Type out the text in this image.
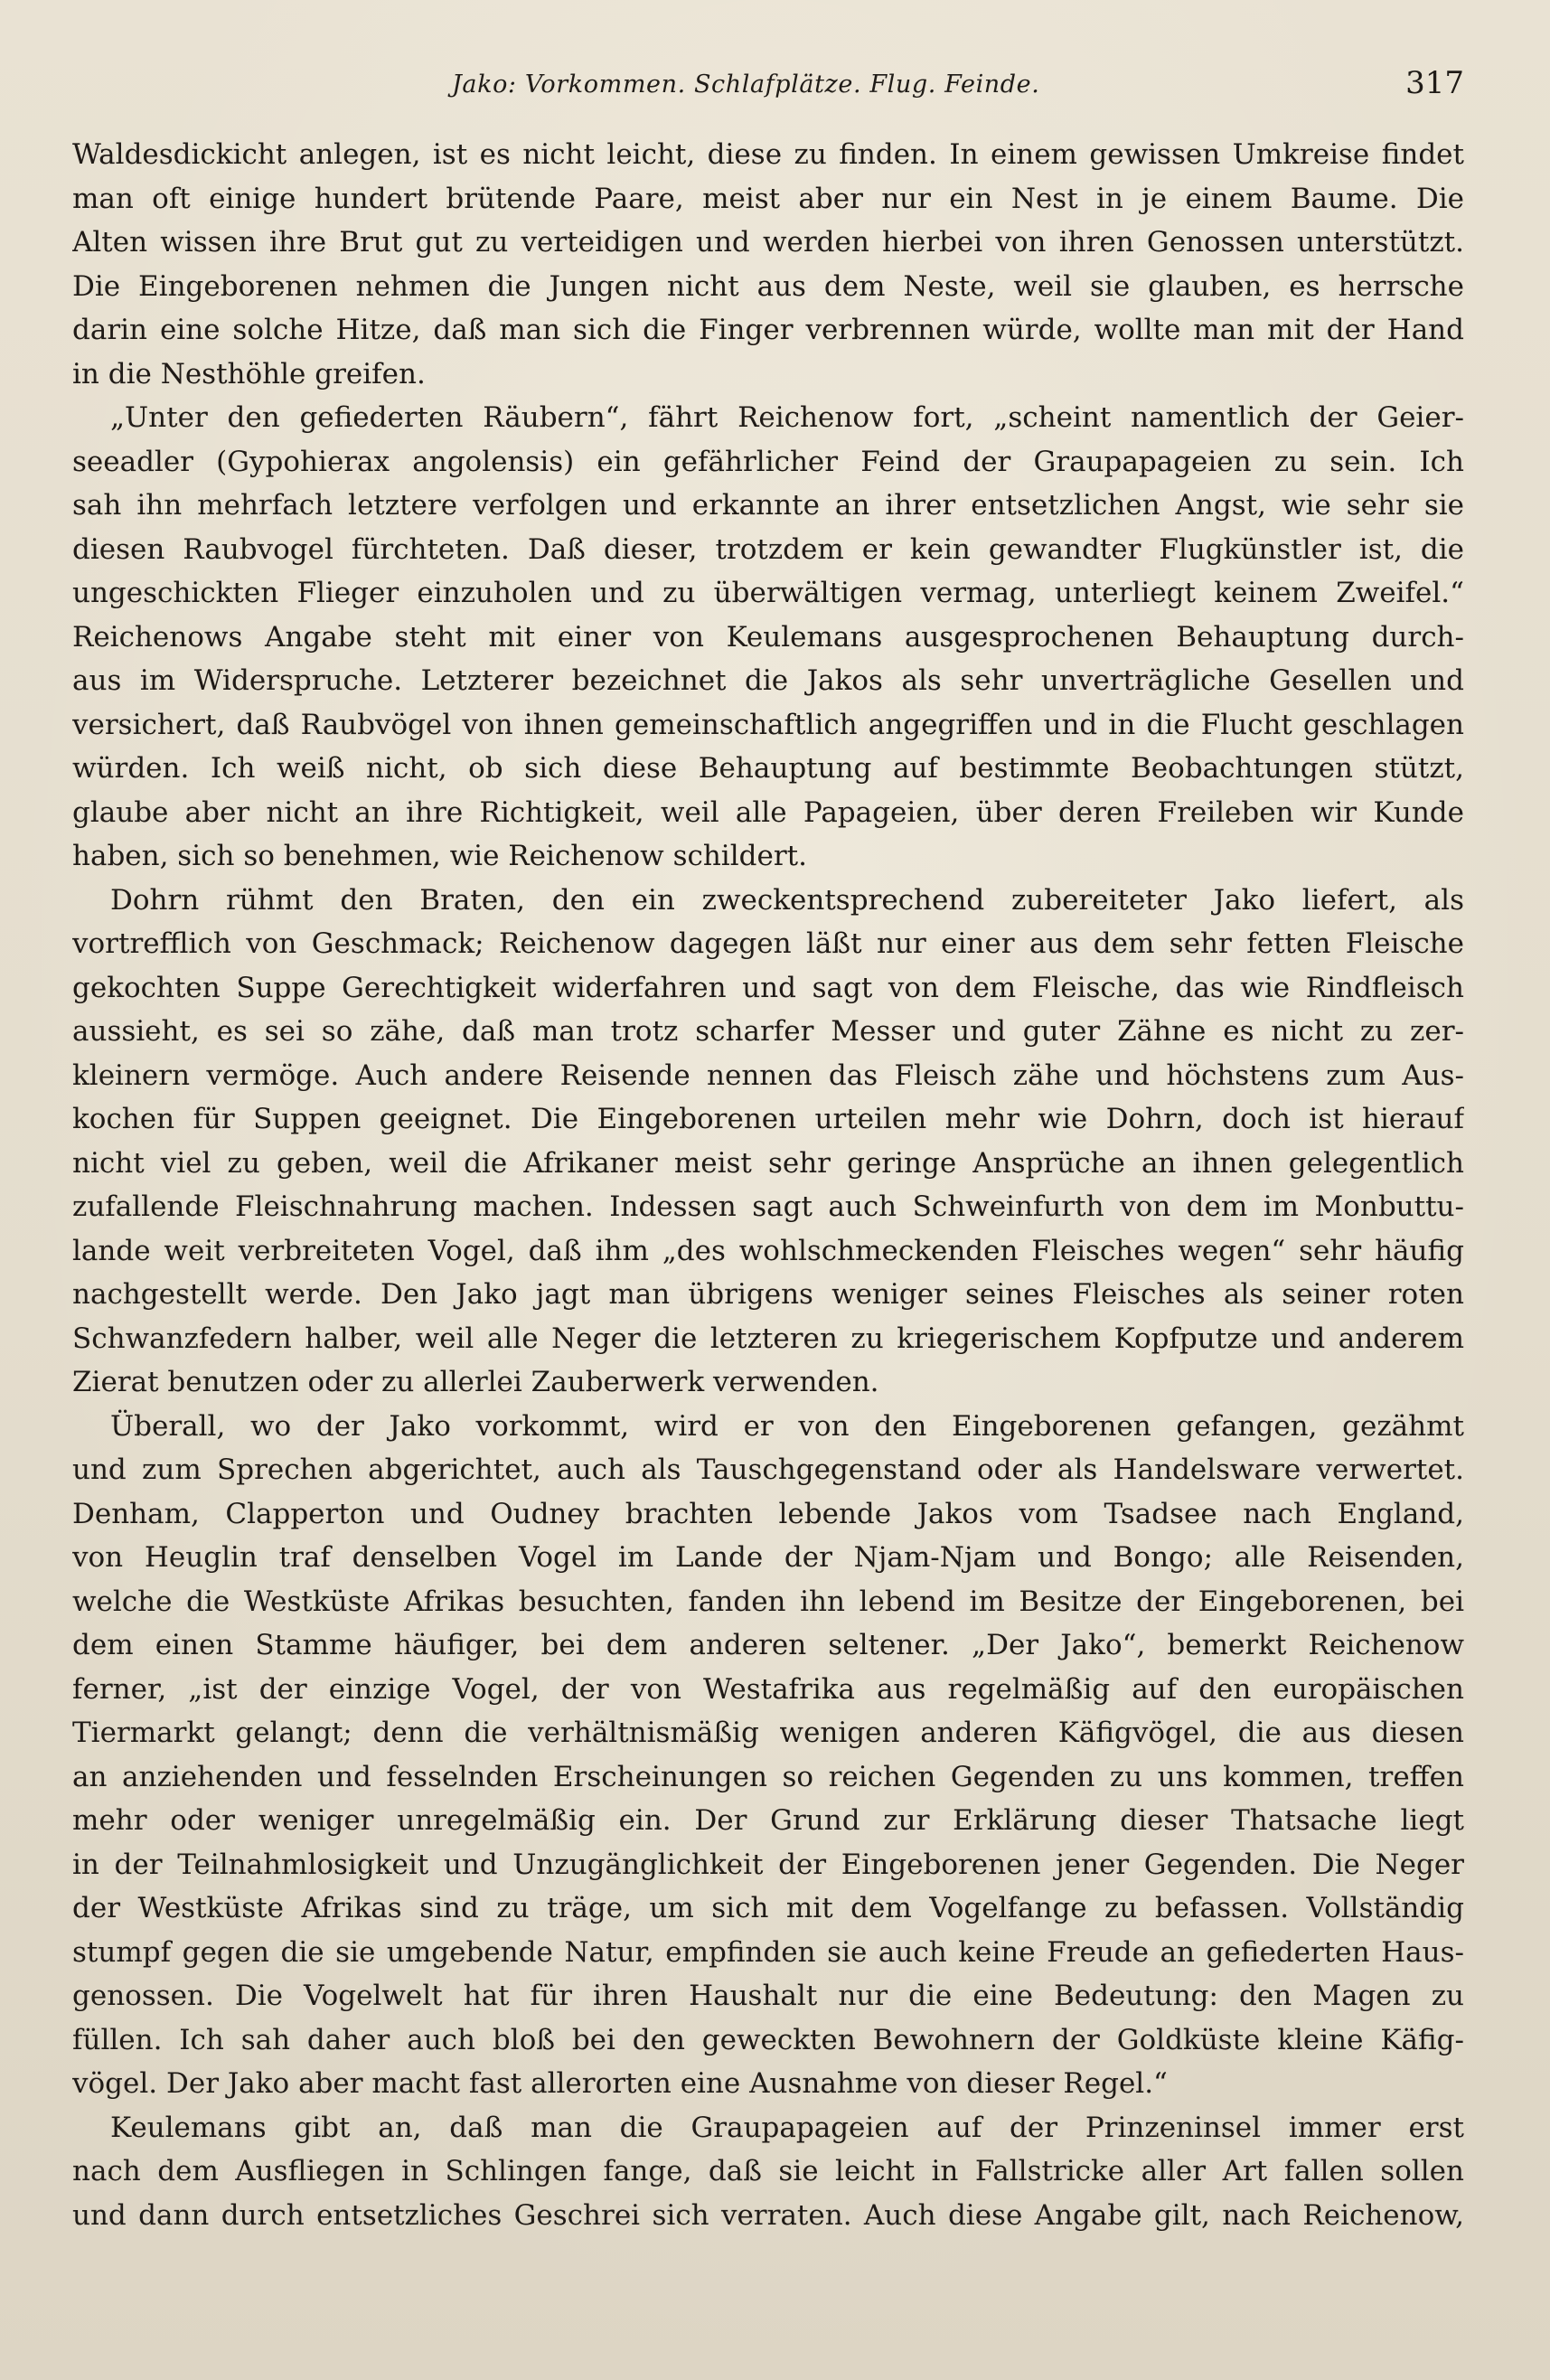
Jako: Vorkommen. Schlafplätze. Flug. Feinde.	317
Waldesdickicht anlegen, ist es nicht leicht, diese zu finden. In einem gewissen Umkreise findet
man oft einige hundert brütende Paare, meist aber nur ein Nest in je einem Baume. Die
Alten wissen ihre Brut gut zu verteidigen und werden hierbei von ihren Genossen unterstützt.
Die Eingeborenen nehmen die Jungen nicht aus dem Neste, weil sie glauben, es herrsche
darin eine solche Hitze, daß man sich die Finger verbrennen würde, wollte man mit der Hand
in die Nesthöhle greifen.
„Unter den gefiederten Räubern“, fährt Reichenow fort, „scheint namentlich der Geier-
seeadler (Gypohierax angolensis) ein gefährlicher Feind der Graupapageien zu sein. Ich
sah ihn mehrfach letztere verfolgen und erkannte an ihrer entsetzlichen Angst, wie sehr sie
diesen Raubvogel fürchteten. Daß dieser, trotzdem er kein gewandter Flugkünstler ist, die
ungeschickten Flieger einzuholen und zu überwältigen vermag, unterliegt keinem Zweifel.“
Reichenows Angabe steht mit einer von Keulemans ausgesprochenen Behauptung durch-
aus im Widerspruche. Letzterer bezeichnet die Jakos als sehr unverträgliche Gesellen und
versichert, daß Raubvögel von ihnen gemeinschaftlich angegriffen und in die Flucht geschlagen
würden. Ich weiß nicht, ob sich diese Behauptung auf bestimmte Beobachtungen stützt,
glaube aber nicht an ihre Richtigkeit, weil alle Papageien, über deren Freileben wir Kunde
haben, sich so benehmen, wie Reichenow schildert.
Dohrn rühmt den Braten, den ein zweckentsprechend zubereiteter Jako liefert, als
vortrefflich von Geschmack; Reichenow dagegen läßt nur einer aus dem sehr fetten Fleische
gekochten Suppe Gerechtigkeit widerfahren und sagt von dem Fleische, das wie Rindfleisch
aussieht, es sei so zähe, daß man trotz scharfer Messer und guter Zähne es nicht zu zer-
kleinern vermöge. Auch andere Reisende nennen das Fleisch zähe und höchstens zum Aus-
kochen für Suppen geeignet. Die Eingeborenen urteilen mehr wie Dohrn, doch ist hierauf
nicht viel zu geben, weil die Afrikaner meist sehr geringe Ansprüche an ihnen gelegentlich
zufallende Fleischnahrung machen. Indessen sagt auch Schweinfurth von dem im Monbuttu-
lande weit verbreiteten Vogel, daß ihm „des wohlschmeckenden Fleisches wegen“ sehr häufig
nachgestellt werde. Den Jako jagt man übrigens weniger seines Fleisches als seiner roten
Schwanzfedern halber, weil alle Neger die letzteren zu kriegerischem Kopfputze und anderem
Zierat benutzen oder zu allerlei Zauberwerk verwenden.
Überall, wo der Jako vorkommt, wird er von den Eingeborenen gefangen, gezähmt
und zum Sprechen abgerichtet, auch als Tauschgegenstand oder als Handelsware verwertet.
Denham, Clapperton und Oudney brachten lebende Jakos vom Tsadsee nach England,
von Heuglin traf denselben Vogel im Lande der Njam-Njam und Bongo; alle Reisenden,
welche die Westküste Afrikas besuchten, fanden ihn lebend im Besitze der Eingeborenen, bei
dem einen Stamme häufiger, bei dem anderen seltener. „Der Jako“, bemerkt Reichenow
ferner, „ist der einzige Vogel, der von Westafrika aus regelmäßig auf den europäischen
Tiermarkt gelangt; denn die verhältnismäßig wenigen anderen Käfigvögel, die aus diesen
an anziehenden und fesselnden Erscheinungen so reichen Gegenden zu uns kommen, treffen
mehr oder weniger unregelmäßig ein. Der Grund zur Erklärung dieser Thatsache liegt
in der Teilnahmlosigkeit und Unzugänglichkeit der Eingeborenen jener Gegenden. Die Neger
der Westküste Afrikas sind zu träge, um sich mit dem Vogelfange zu befassen. Vollständig
stumpf gegen die sie umgebende Natur, empfinden sie auch keine Freude an gefiederten Haus-
genossen. Die Vogelwelt hat für ihren Haushalt nur die eine Bedeutung: den Magen zu
füllen. Ich sah daher auch bloß bei den geweckten Bewohnern der Goldküste kleine Käfig-
vögel. Der Jako aber macht fast allerorten eine Ausnahme von dieser Regel.“
Keulemans gibt an, daß man die Graupapageien auf der Prinzeninsel immer erst
nach dem Ausfliegen in Schlingen fange, daß sie leicht in Fallstricke aller Art fallen sollen
und dann durch entsetzliches Geschrei sich verraten. Auch diese Angabe gilt, nach Reichenow,
